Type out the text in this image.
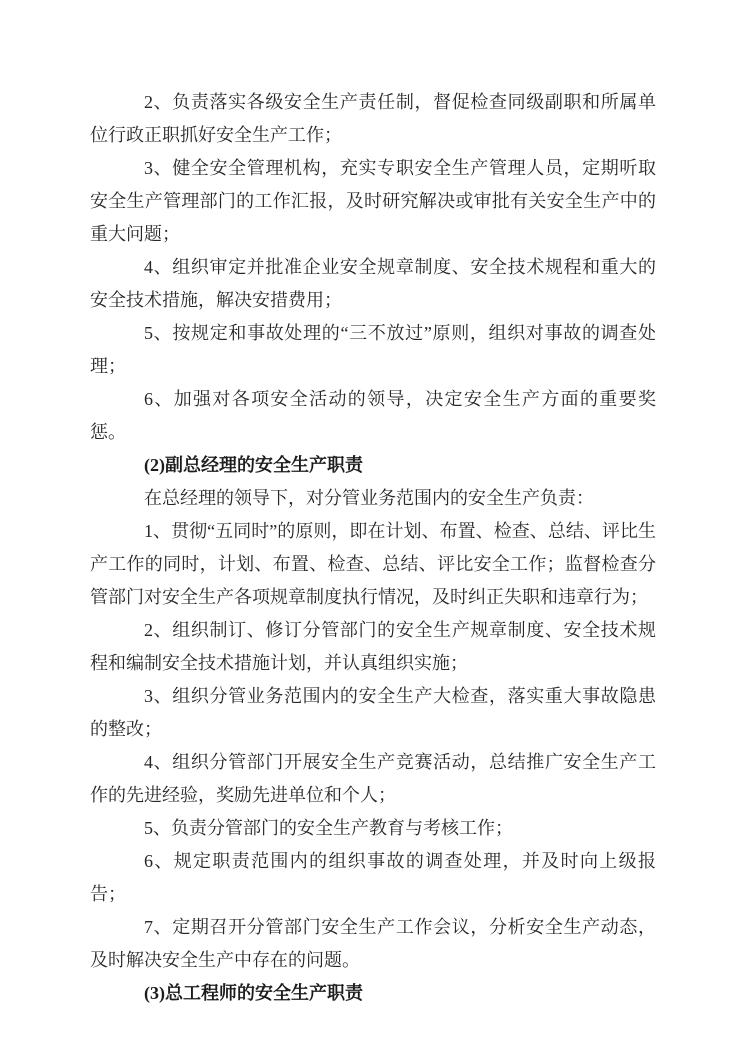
2、负责落实各级安全生产责任制，督促检查同级副职和所属单位行政正职抓好安全生产工作；

3、健全安全管理机构，充实专职安全生产管理人员，定期听取安全生产管理部门的工作汇报，及时研究解决或审批有关安全生产中的重大问题；

4、组织审定并批准企业安全规章制度、安全技术规程和重大的安全技术措施，解决安措费用；

5、按规定和事故处理的“三不放过”原则，组织对事故的调查处理；

6、加强对各项安全活动的领导，决定安全生产方面的重要奖惩。

(2)副总经理的安全生产职责

在总经理的领导下，对分管业务范围内的安全生产负责：

1、贯彻“五同时”的原则，即在计划、布置、检查、总结、评比生产工作的同时，计划、布置、检查、总结、评比安全工作；监督检查分管部门对安全生产各项规章制度执行情况，及时纠正失职和违章行为；

2、组织制订、修订分管部门的安全生产规章制度、安全技术规程和编制安全技术措施计划，并认真组织实施；

3、组织分管业务范围内的安全生产大检查，落实重大事故隐患的整改；

4、组织分管部门开展安全生产竞赛活动，总结推广安全生产工作的先进经验，奖励先进单位和个人；

5、负责分管部门的安全生产教育与考核工作；

6、规定职责范围内的组织事故的调查处理，并及时向上级报告；

7、定期召开分管部门安全生产工作会议，分析安全生产动态，及时解决安全生产中存在的问题。

(3)总工程师的安全生产职责
